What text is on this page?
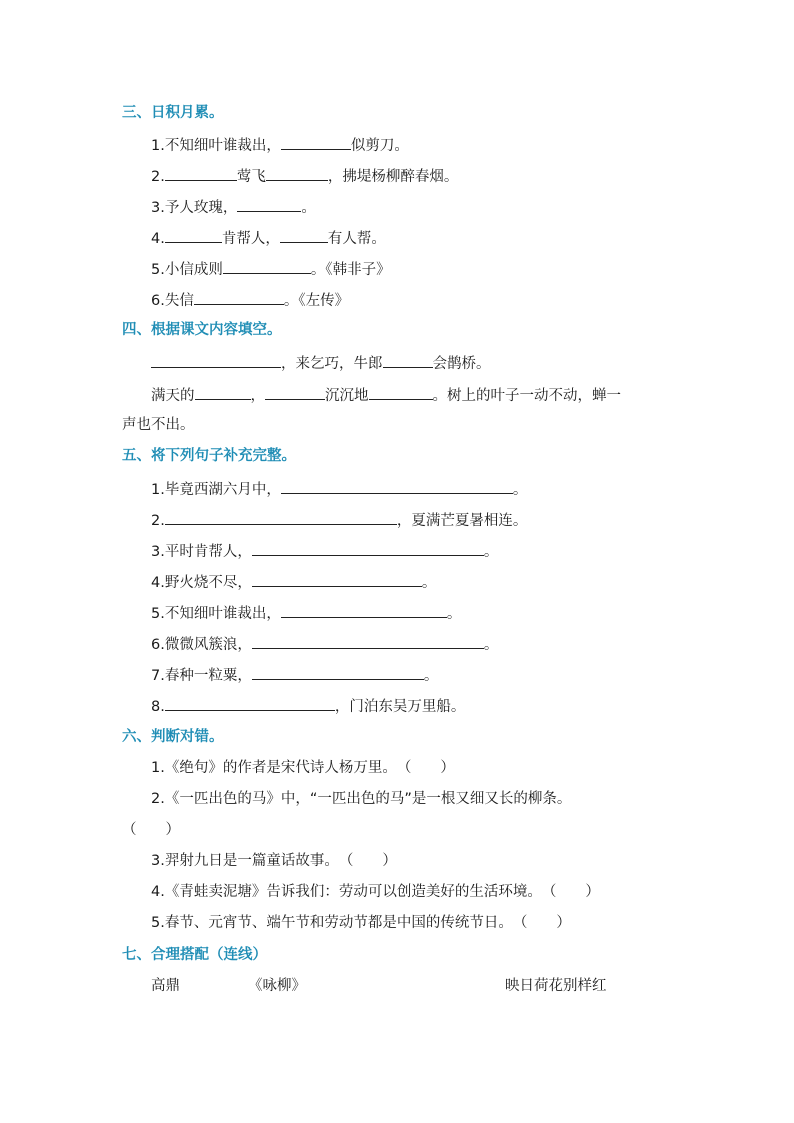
三、日积月累。
1.不知细叶谁裁出，	似剪刀。
2.	莺飞	，拂堤杨柳醉春烟。
3.予人玫瑰，	。
4.	肯帮人，	有人帮。
5.小信成则	。《韩非子》
6.失信	。《左传》
四、根据课文内容填空。
，来乞巧，牛郎	会鹊桥。
满天的	，	沉沉地	。树上的叶子一动不动，蝉一
声也不出。
五、将下列句子补充完整。
1.毕竟西湖六月中，	。
2.	，夏满芒夏暑相连。
3.平时肯帮人，	。
4.野火烧不尽，	。
5.不知细叶谁裁出，	。
6.微微风簇浪，	。
7.春种一粒粟，	。
8.	，门泊东吴万里船。
六、判断对错。
1.《绝句》的作者是宋代诗人杨万里。（　　）
2.《一匹出色的马》中，“一匹出色的马”是一根又细又长的柳条。
（　　）
3.羿射九日是一篇童话故事。（　　）
4.《青蛙卖泥塘》告诉我们：劳动可以创造美好的生活环境。（　　）
5.春节、元宵节、端午节和劳动节都是中国的传统节日。（　　）
七、合理搭配（连线）
高鼎	《咏柳》	映日荷花别样红
